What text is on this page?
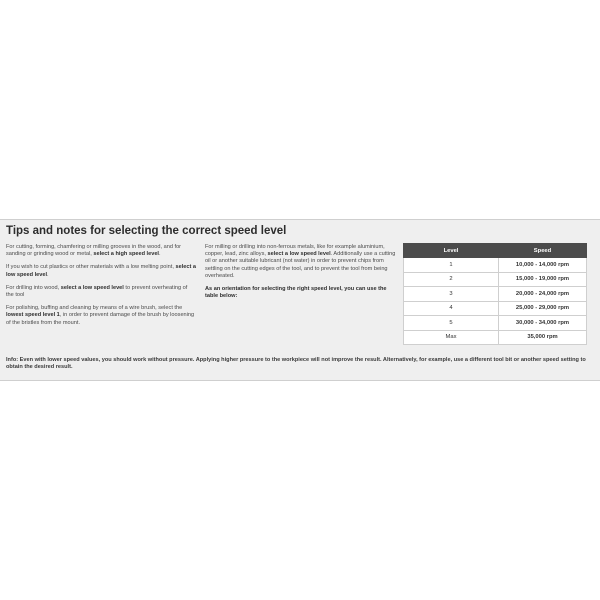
Tips and notes for selecting the correct speed level

For cutting, forming, chamfering or milling grooves in the wood, and for sanding or grinding wood or metal, select a high speed level.

If you wish to cut plastics or other materials with a low melting point, select a low speed level.

For drilling into wood, select a low speed level to prevent overheating of the tool

For polishing, buffing and cleaning by means of a wire brush, select the lowest speed level 1, in order to prevent damage of the brush by loosening of the bristles from the mount.

For milling or drilling into non-ferrous metals, like for example aluminium, copper, lead, zinc alloys, select a low speed level. Additionally use a cutting oil or another suitable lubricant (not water) in order to prevent chips from settling on the cutting edges of the tool, and to prevent the tool from being overheated.

As an orientation for selecting the right speed level, you can use the table below:

Info: Even with lower speed values, you should work without pressure. Applying higher pressure to the workpiece will not improve the result. Alternatively, for example, use a different tool bit or another speed setting to obtain the desired result.
Level	Speed
1	10,000 - 14,000 rpm
2	15,000 - 19,000 rpm
3	20,000 - 24,000 rpm
4	25,000 - 29,000 rpm
5	30,000 - 34,000 rpm
Max	35,000 rpm
